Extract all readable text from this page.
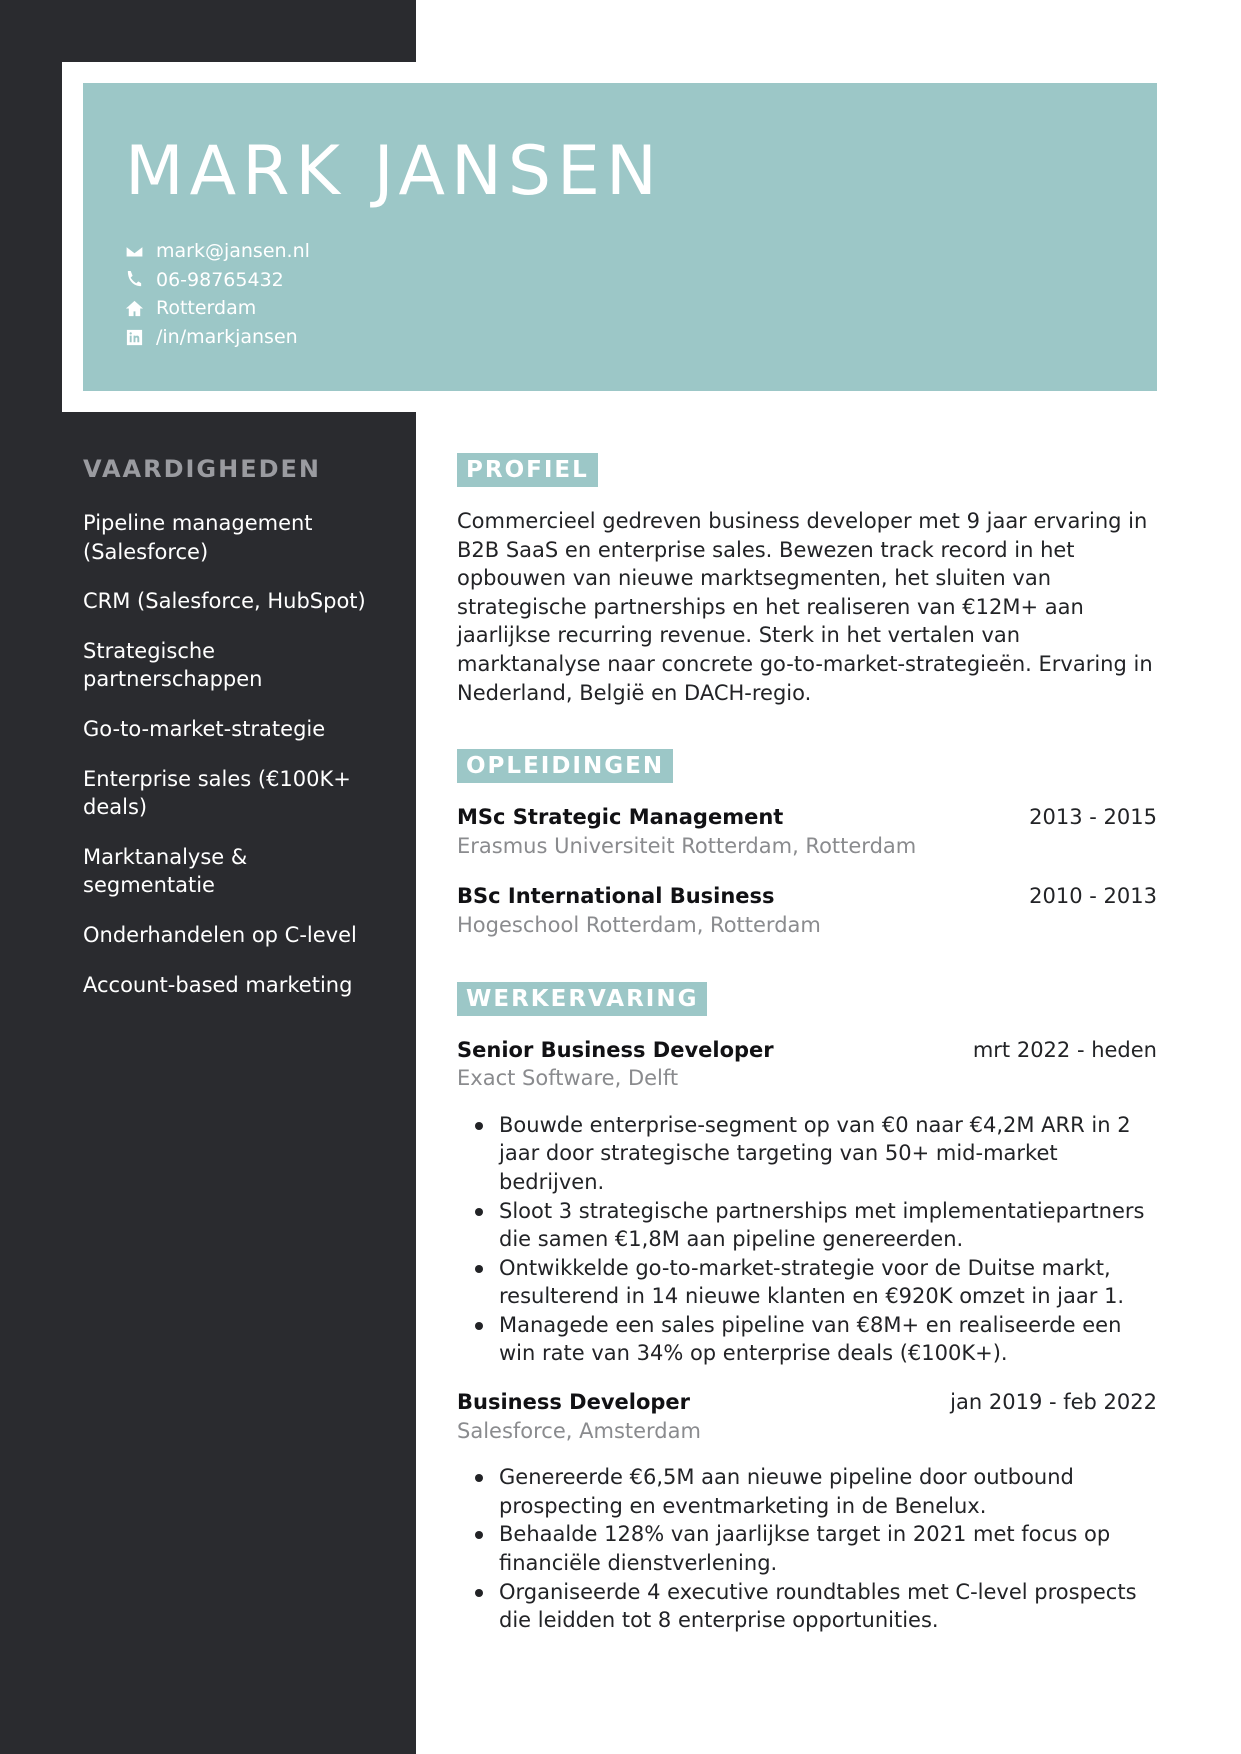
MARK JANSEN
mark@jansen.nl
06-98765432
Rotterdam
/in/markjansen
VAARDIGHEDEN
Pipeline management (Salesforce)
CRM (Salesforce, HubSpot)
Strategische partnerschappen
Go-to-market-strategie
Enterprise sales (€100K+ deals)
Marktanalyse & segmentatie
Onderhandelen op C-level
Account-based marketing
PROFIEL

Commercieel gedreven business developer met 9 jaar ervaring in B2B SaaS en enterprise sales. Bewezen track record in het opbouwen van nieuwe marktsegmenten, het sluiten van strategische partnerships en het realiseren van €12M+ aan jaarlijkse recurring revenue. Sterk in het vertalen van marktanalyse naar concrete go-to-market-strategieën. Ervaring in Nederland, België en DACH-regio.

OPLEIDINGEN
MSc Strategic Management	2013 - 2015
Erasmus Universiteit Rotterdam, Rotterdam
BSc International Business	2010 - 2013
Hogeschool Rotterdam, Rotterdam
WERKERVARING
Senior Business Developer	mrt 2022 - heden
Exact Software, Delft
Bouwde enterprise-segment op van €0 naar €4,2M ARR in 2 jaar door strategische targeting van 50+ mid-market bedrijven.
Sloot 3 strategische partnerships met implementatiepartners die samen €1,8M aan pipeline genereerden.
Ontwikkelde go-to-market-strategie voor de Duitse markt, resulterend in 14 nieuwe klanten en €920K omzet in jaar 1.
Managede een sales pipeline van €8M+ en realiseerde een win rate van 34% op enterprise deals (€100K+).
Business Developer	jan 2019 - feb 2022
Salesforce, Amsterdam
Genereerde €6,5M aan nieuwe pipeline door outbound prospecting en eventmarketing in de Benelux.
Behaalde 128% van jaarlijkse target in 2021 met focus op financiële dienstverlening.
Organiseerde 4 executive roundtables met C-level prospects die leidden tot 8 enterprise opportunities.
